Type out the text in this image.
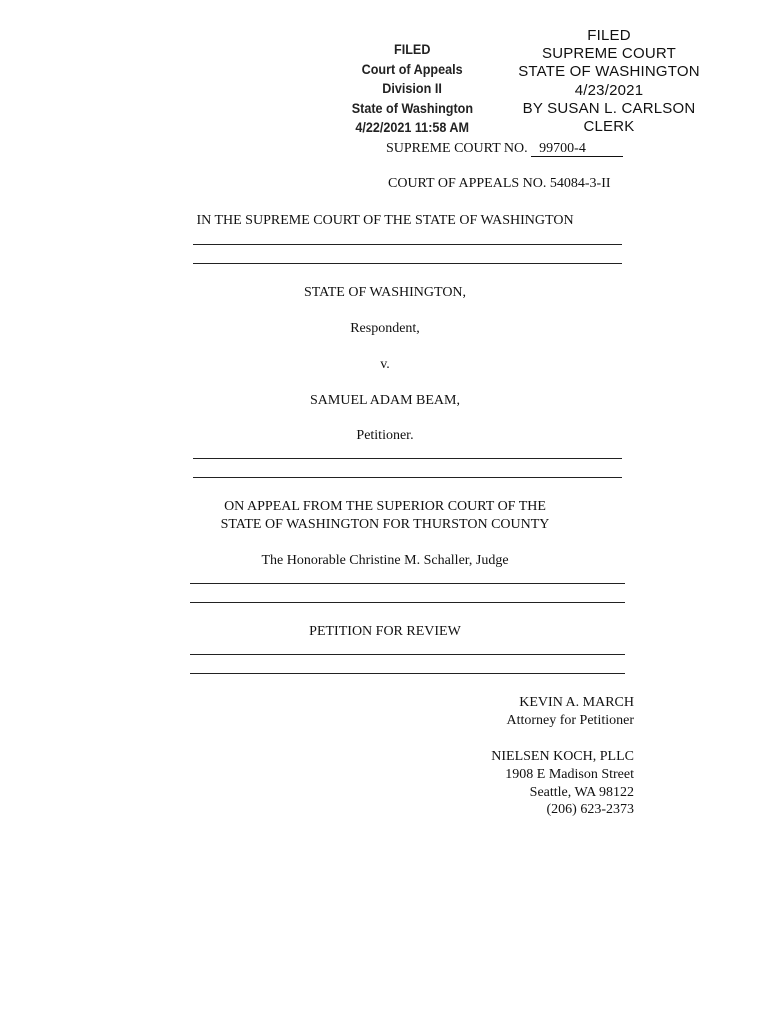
FILED
Court of Appeals
Division II
State of Washington
4/22/2021 11:58 AM
FILED
SUPREME COURT
STATE OF WASHINGTON
4/23/2021
BY SUSAN L. CARLSON
CLERK
SUPREME COURT NO. 99700-4
COURT OF APPEALS NO. 54084-3-II
IN THE SUPREME COURT OF THE STATE OF WASHINGTON
STATE OF WASHINGTON,
Respondent,
v.
SAMUEL ADAM BEAM,
Petitioner.
ON APPEAL FROM THE SUPERIOR COURT OF THE
STATE OF WASHINGTON FOR THURSTON COUNTY
The Honorable Christine M. Schaller, Judge
PETITION FOR REVIEW
KEVIN A. MARCH
Attorney for Petitioner
NIELSEN KOCH, PLLC
1908 E Madison Street
Seattle, WA 98122
(206) 623-2373
